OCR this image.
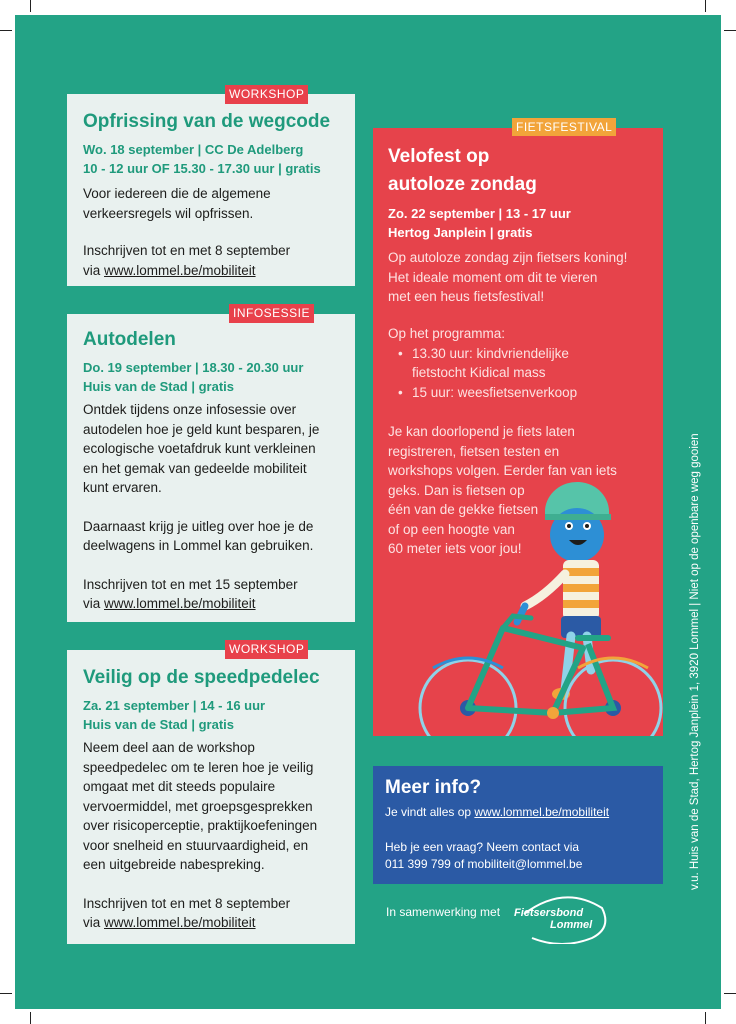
Opfrissing van de wegcode
Wo. 18 september | CC De Adelberg
10 - 12 uur OF 15.30 - 17.30 uur | gratis

Voor iedereen die de algemene
verkeersregels wil opfrissen.

Inschrijven tot en met 8 september
via www.lommel.be/mobiliteit

WORKSHOP
Autodelen
Do. 19 september | 18.30 - 20.30 uur
Huis van de Stad | gratis

Ontdek tijdens onze infosessie over
autodelen hoe je geld kunt besparen, je
ecologische voetafdruk kunt verkleinen
en het gemak van gedeelde mobiliteit
kunt ervaren.

Daarnaast krijg je uitleg over hoe je de
deelwagens in Lommel kan gebruiken.

Inschrijven tot en met 15 september
via www.lommel.be/mobiliteit

INFOSESSIE
Veilig op de speedpedelec
Za. 21 september | 14 - 16 uur
Huis van de Stad | gratis

Neem deel aan de workshop
speedpedelec om te leren hoe je veilig
omgaat met dit steeds populaire
vervoermiddel, met groepsgesprekken
over risicoperceptie, praktijkoefeningen
voor snelheid en stuurvaardigheid, en
een uitgebreide nabespreking.

Inschrijven tot en met 8 september
via www.lommel.be/mobiliteit

WORKSHOP
Velofest op
autoloze zondag
Zo. 22 september | 13 - 17 uur
Hertog Janplein | gratis
Op autoloze zondag zijn fietsers koning!
Het ideale moment om dit te vieren
met een heus fietsfestival!
Op het programma:
• 13.30 uur: kindvriendelijke fietstocht Kidical mass
• 15 uur: weesfietsenverkoop
Je kan doorlopend je fiets laten
registreren, fietsen testen en
workshops volgen. Eerder fan van iets
geks. Dan is fietsen op
één van de gekke fietsen
of op een hoogte van
60 meter iets voor jou!
FIETSFESTIVAL
Meer info?

Je vindt alles op www.lommel.be/mobiliteit

Heb je een vraag? Neem contact via
011 399 799 of mobiliteit@lommel.be

In samenwerking met Fietsersbond
Lommel
v.u. Huis van de Stad, Hertog Janplein 1, 3920 Lommel | Niet op de openbare weg gooien
